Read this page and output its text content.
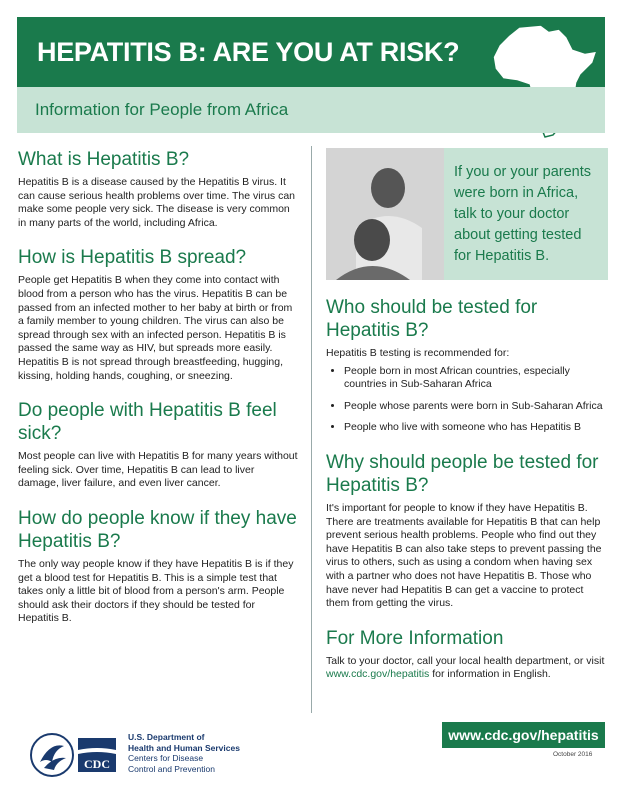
HEPATITIS B: ARE YOU AT RISK?
Information for People from Africa
What is Hepatitis B?

Hepatitis B is a disease caused by the Hepatitis B virus. It can cause serious health problems over time. The virus can make some people very sick. The disease is very common in many parts of the world, including Africa.

How is Hepatitis B spread?

People get Hepatitis B when they come into contact with blood from a person who has the virus. Hepatitis B can be passed from an infected mother to her baby at birth or from a family member to young children. The virus can also be spread through sex with an infected person. Hepatitis B is passed the same way as HIV, but spreads more easily. Hepatitis B is not spread through breastfeeding, hugging, kissing, holding hands, coughing, or sneezing.

Do people with Hepatitis B feel sick?

Most people can live with Hepatitis B for many years without feeling sick. Over time, Hepatitis B can lead to liver damage, liver failure, and even liver cancer.

How do people know if they have Hepatitis B?

The only way people know if they have Hepatitis B is if they get a blood test for Hepatitis B. This is a simple test that takes only a little bit of blood from a person's arm. People should ask their doctors if they should be tested for Hepatitis B.

If you or your parents were born in Africa, talk to your doctor about getting tested for Hepatitis B.
Who should be tested for Hepatitis B?

Hepatitis B testing is recommended for:

• People born in most African countries, especially countries in Sub-Saharan Africa
• People whose parents were born in Sub-Saharan Africa
• People who live with someone who has Hepatitis B
Why should people be tested for Hepatitis B?

It's important for people to know if they have Hepatitis B. There are treatments available for Hepatitis B that can help prevent serious health problems. People who find out they have Hepatitis B can also take steps to prevent passing the virus to others, such as using a condom when having sex with a partner who does not have Hepatitis B. Those who have never had Hepatitis B can get a vaccine to protect them from getting the virus.

For More Information

Talk to your doctor, call your local health department, or visit www.cdc.gov/hepatitis for information in English.

CDC
U.S. Department of
Health and Human Services
Centers for Disease
Control and Prevention
www.cdc.gov/hepatitis
October 2016
